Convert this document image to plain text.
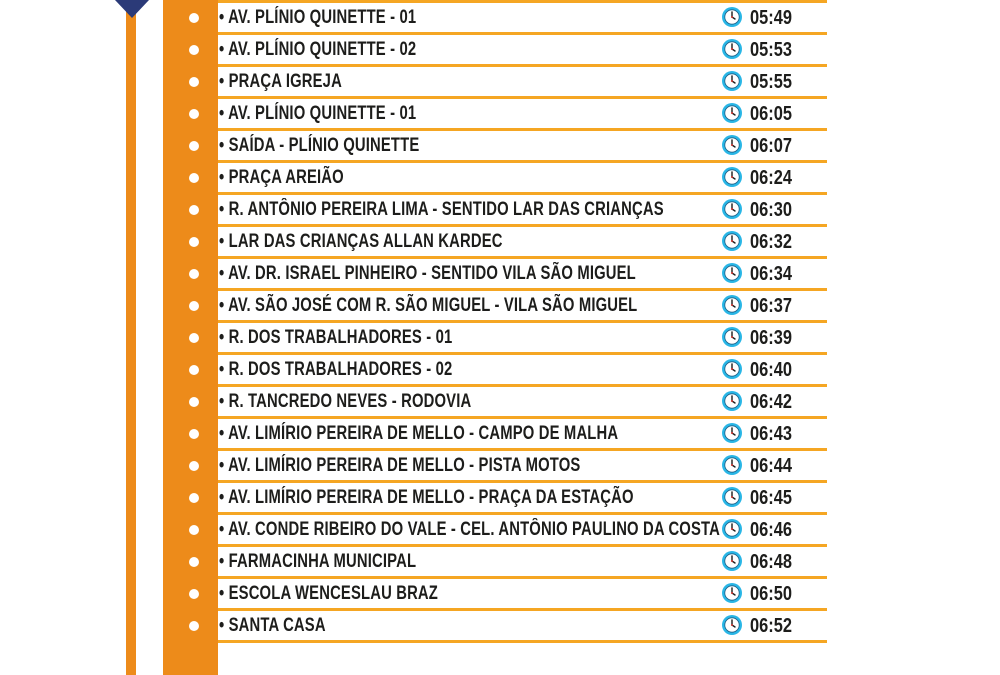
• AV. PLÍNIO QUINETTE - 01	05:49
• AV. PLÍNIO QUINETTE - 02	05:53
• PRAÇA IGREJA	05:55
• AV. PLÍNIO QUINETTE - 01	06:05
• SAÍDA - PLÍNIO QUINETTE	06:07
• PRAÇA AREIÃO	06:24
• R. ANTÔNIO PEREIRA LIMA - SENTIDO LAR DAS CRIANÇAS	06:30
• LAR DAS CRIANÇAS ALLAN KARDEC	06:32
• AV. DR. ISRAEL PINHEIRO - SENTIDO VILA SÃO MIGUEL	06:34
• AV. SÃO JOSÉ COM R. SÃO MIGUEL - VILA SÃO MIGUEL	06:37
• R. DOS TRABALHADORES - 01	06:39
• R. DOS TRABALHADORES - 02	06:40
• R. TANCREDO NEVES - RODOVIA	06:42
• AV. LIMÍRIO PEREIRA DE MELLO - CAMPO DE MALHA	06:43
• AV. LIMÍRIO PEREIRA DE MELLO - PISTA MOTOS	06:44
• AV. LIMÍRIO PEREIRA DE MELLO - PRAÇA DA ESTAÇÃO	06:45
• AV. CONDE RIBEIRO DO VALE - CEL. ANTÔNIO PAULINO DA COSTA 06:46
• FARMACINHA MUNICIPAL	06:48
• ESCOLA WENCESLAU BRAZ	06:50
• SANTA CASA	06:52
